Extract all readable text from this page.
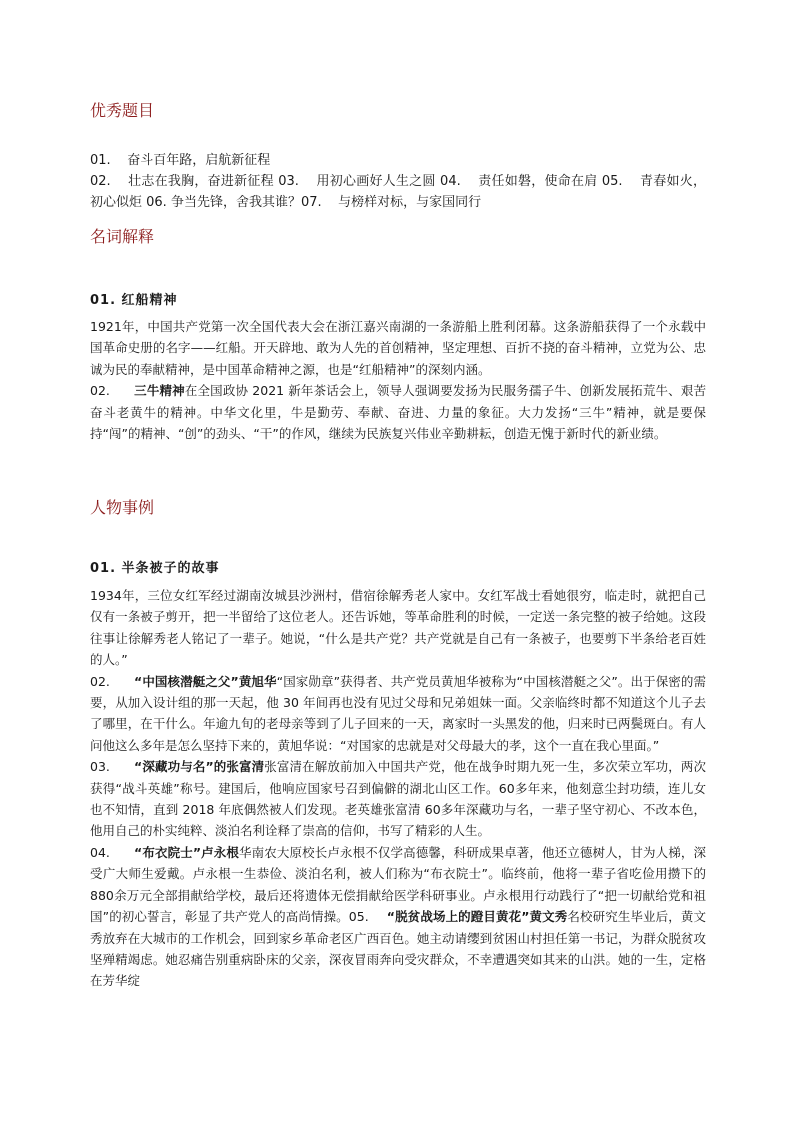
优秀题目
01.    奋斗百年路，启航新征程
02.    壮志在我胸，奋进新征程 03.    用初心画好人生之圆 04.    责任如磐，使命在肩 05.    青春如火，初心似炬 06. 争当先锋，舍我其谁？07.    与榜样对标，与家国同行
名词解释
01. 红船精神

1921年，中国共产党第一次全国代表大会在浙江嘉兴南湖的一条游船上胜利闭幕。这条游船获得了一个永载中国革命史册的名字——红船。开天辟地、敢为人先的首创精神，坚定理想、百折不挠的奋斗精神，立党为公、忠诚为民的奉献精神，是中国革命精神之源，也是“红船精神”的深刻内涵。

02. 三牛精神在全国政协 2021 新年茶话会上，领导人强调要发扬为民服务孺子牛、创新发展拓荒牛、艰苦奋斗老黄牛的精神。中华文化里，牛是勤劳、奉献、奋进、力量的象征。大力发扬“三牛”精神，就是要保持“闯”的精神、“创”的劲头、“干”的作风，继续为民族复兴伟业辛勤耕耘，创造无愧于新时代的新业绩。

人物事例
01. 半条被子的故事

1934年，三位女红军经过湖南汝城县沙洲村，借宿徐解秀老人家中。女红军战士看她很穷，临走时，就把自己仅有一条被子剪开，把一半留给了这位老人。还告诉她，等革命胜利的时候，一定送一条完整的被子给她。这段往事让徐解秀老人铭记了一辈子。她说，“什么是共产党？共产党就是自己有一条被子，也要剪下半条给老百姓的人。”

02. “中国核潜艇之父”黄旭华“国家勋章”获得者、共产党员黄旭华被称为“中国核潜艇之父”。出于保密的需要，从加入设计组的那一天起，他 30 年间再也没有见过父母和兄弟姐妹一面。父亲临终时都不知道这个儿子去了哪里，在干什么。年逾九旬的老母亲等到了儿子回来的一天，离家时一头黑发的他，归来时已两鬓斑白。有人问他这么多年是怎么坚持下来的，黄旭华说：“对国家的忠就是对父母最大的孝，这个一直在我心里面。”

03. “深藏功与名”的张富清张富清在解放前加入中国共产党，他在战争时期九死一生，多次荣立军功，两次获得“战斗英雄”称号。建国后，他响应国家号召到偏僻的湖北山区工作。60多年来，他刻意尘封功绩，连儿女也不知情，直到 2018 年底偶然被人们发现。老英雄张富清 60多年深藏功与名，一辈子坚守初心、不改本色，他用自己的朴实纯粹、淡泊名利诠释了崇高的信仰，书写了精彩的人生。

04. “布衣院士”卢永根华南农大原校长卢永根不仅学高德馨，科研成果卓著，他还立德树人，甘为人梯，深受广大师生爱戴。卢永根一生恭俭、淡泊名利，被人们称为“布衣院士”。临终前，他将一辈子省吃俭用攒下的880余万元全部捐献给学校，最后还将遗体无偿捐献给医学科研事业。卢永根用行动践行了“把一切献给党和祖国”的初心誓言，彰显了共产党人的高尚情操。05. “脱贫战场上的蹬目黄花”黄文秀名校研究生毕业后，黄文秀放弃在大城市的工作机会，回到家乡革命老区广西百色。她主动请缨到贫困山村担任第一书记，为群众脱贫攻坚殚精竭虑。她忍痛告别重病卧床的父亲，深夜冒雨奔向受灾群众，不幸遭遇突如其来的山洪。她的一生，定格在芳华绽
